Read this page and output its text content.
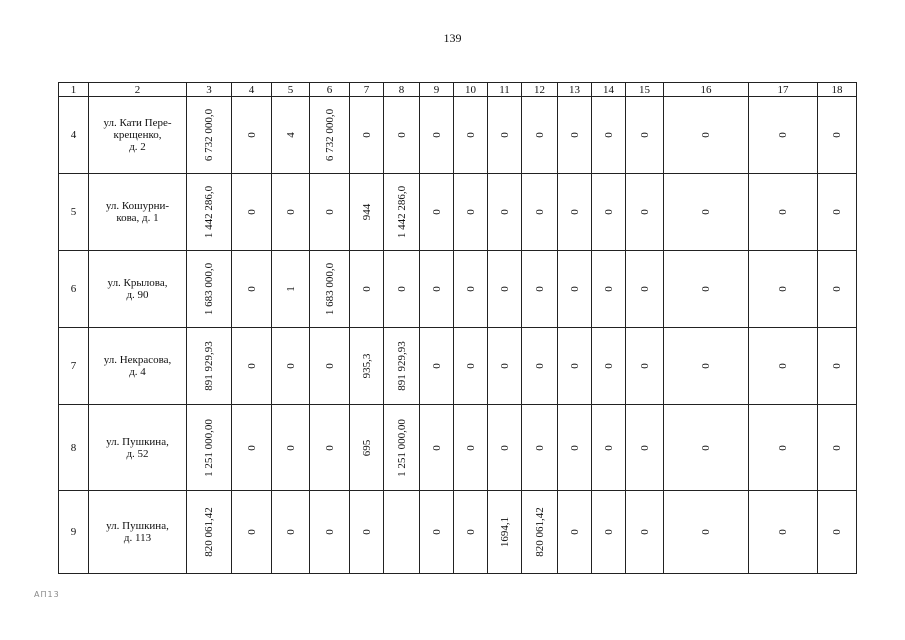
139
1	2	3	4	5	6	7	8	9	10	11	12	13	14	15	16	17	18
4	ул. Кати Пере-
крещенко,
д. 2	6 732 000,0	0	4	6 732 000,0	0	0	0	0	0	0	0	0	0	0	0	0

5	ул. Кошурни-
кова, д. 1	1 442 286,0	0	0	0	944	1 442 286,0	0	0	0	0	0	0	0	0	0	0

6	ул. Крылова,
д. 90	1 683 000,0	0	1	1 683 000,0	0	0	0	0	0	0	0	0	0	0	0	0

7	ул. Некрасова,
д. 4	891 929,93	0	0	0	935,3	891 929,93	0	0	0	0	0	0	0	0	0	0

8	ул. Пушкина,
д. 52	1 251 000,00	0	0	0	695	1 251 000,00	0	0	0	0	0	0	0	0	0	0

9	ул. Пушкина,
д. 113	820 061,42	0	0	0	0		0	0	1694,1	820 061,42	0	0	0	0	0	0
АП13
